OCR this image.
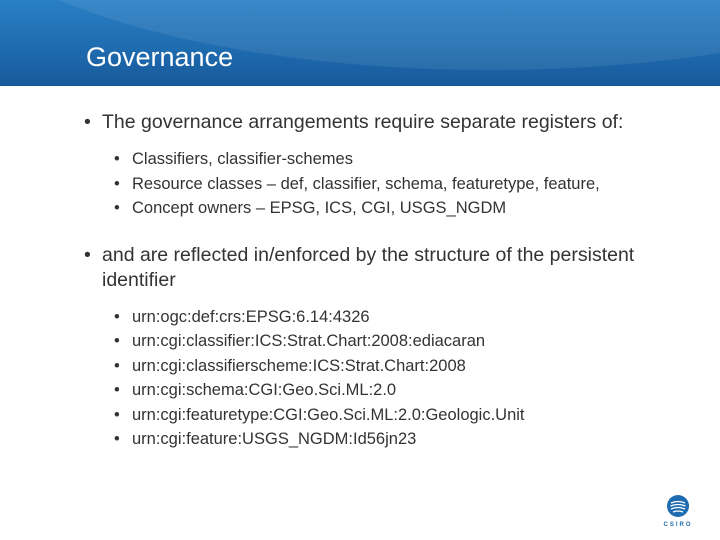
Governance
• The governance arrangements require separate registers of:
• Classifiers, classifier-schemes
• Resource classes – def, classifier, schema, featuretype, feature,
• Concept owners – EPSG, ICS, CGI, USGS_NGDM
• and are reflected in/enforced by the structure of the persistent identifier
• urn:ogc:def:crs:EPSG:6.14:4326
• urn:cgi:classifier:ICS:Strat.Chart:2008:ediacaran
• urn:cgi:classifierscheme:ICS:Strat.Chart:2008
• urn:cgi:schema:CGI:Geo.Sci.ML:2.0
• urn:cgi:featuretype:CGI:Geo.Sci.ML:2.0:Geologic.Unit
• urn:cgi:feature:USGS_NGDM:Id56jn23
CSIRO
